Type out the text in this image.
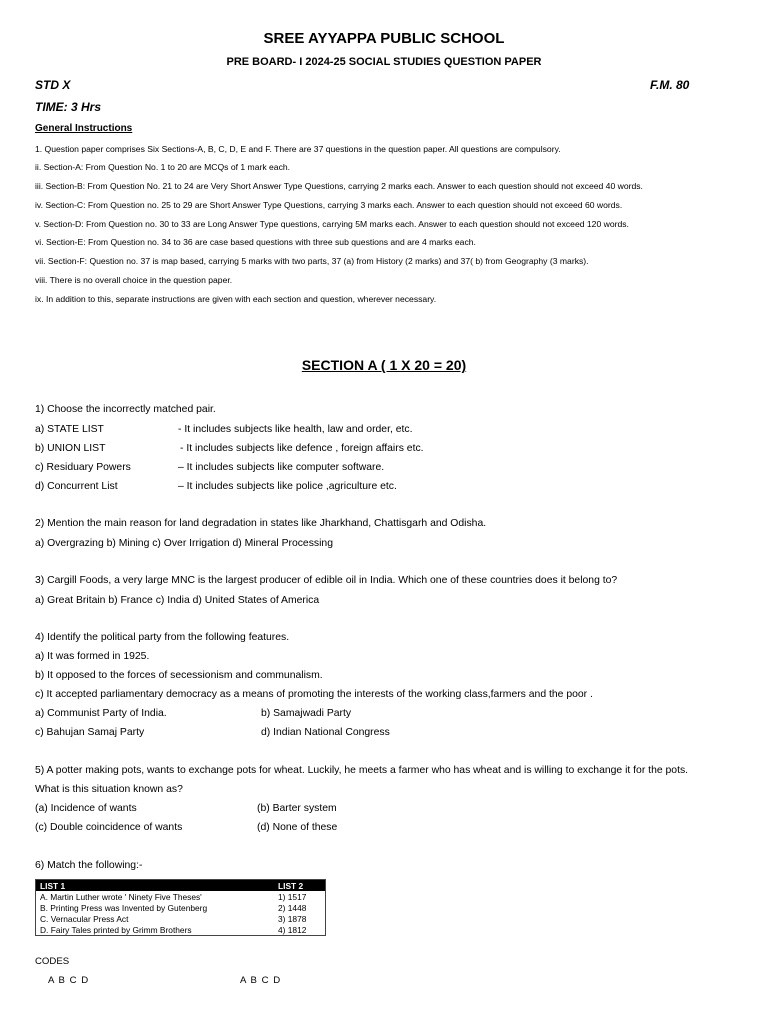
SREE AYYAPPA PUBLIC SCHOOL
PRE BOARD- I 2024-25 SOCIAL STUDIES QUESTION PAPER
STD X	F.M. 80
TIME: 3 Hrs
General Instructions
1. Question paper comprises Six Sections-A, B, C, D, E and F. There are 37 questions in the question paper. All questions are compulsory.
ii. Section-A: From Question No. 1 to 20 are MCQs of 1 mark each.
iii. Section-B: From Question No. 21 to 24 are Very Short Answer Type Questions, carrying 2 marks each. Answer to each question should not exceed 40 words.
iv. Section-C: From Question no. 25 to 29 are Short Answer Type Questions, carrying 3 marks each. Answer to each question should not exceed 60 words.
v. Section-D: From Question no. 30 to 33 are Long Answer Type questions, carrying 5M marks each. Answer to each question should not exceed 120 words.
vi. Section-E: From Question no. 34 to 36 are case based questions with three sub questions and are 4 marks each.
vii. Section-F: Question no. 37 is map based, carrying 5 marks with two parts, 37 (a) from History (2 marks) and 37( b) from Geography (3 marks).
viii. There is no overall choice in the question paper.
ix. In addition to this, separate instructions are given with each section and question, wherever necessary.
SECTION A ( 1 X 20 = 20)
1) Choose the incorrectly matched pair.
a) STATE LIST	- It includes subjects like health, law and order, etc.
b) UNION LIST	- It includes subjects like defence , foreign affairs etc.
c) Residuary Powers	– It includes subjects like computer software.
d) Concurrent List	– It includes subjects like police ,agriculture etc.
2) Mention the main reason for land degradation in states like Jharkhand, Chattisgarh and Odisha.
a) Overgrazing b) Mining c) Over Irrigation d) Mineral Processing
3) Cargill Foods, a very large MNC is the largest producer of edible oil in India. Which one of these countries does it belong to?
a) Great Britain b) France c) India d) United States of America
4) Identify the political party from the following features.
a) It was formed in 1925.
b) It opposed to the forces of secessionism and communalism.
c) It accepted parliamentary democracy as a means of promoting the interests of the working class,farmers and the poor .
a) Communist Party of India.	b) Samajwadi Party
c) Bahujan Samaj Party	d) Indian National Congress
5) A potter making pots, wants to exchange pots for wheat. Luckily, he meets a farmer who has wheat and is willing to exchange it for the pots.
What is this situation known as?
(a) Incidence of wants	(b) Barter system
(c) Double coincidence of wants	(d) None of these
6) Match the following:-
LIST 1	LIST 2
A. Martin Luther wrote ' Ninety Five Theses'	1) 1517
B. Printing Press was Invented by Gutenberg	2) 1448
C. Vernacular Press Act	3) 1878
D. Fairy Tales printed by Grimm Brothers	4) 1812
CODES
A B C D	A B C D
